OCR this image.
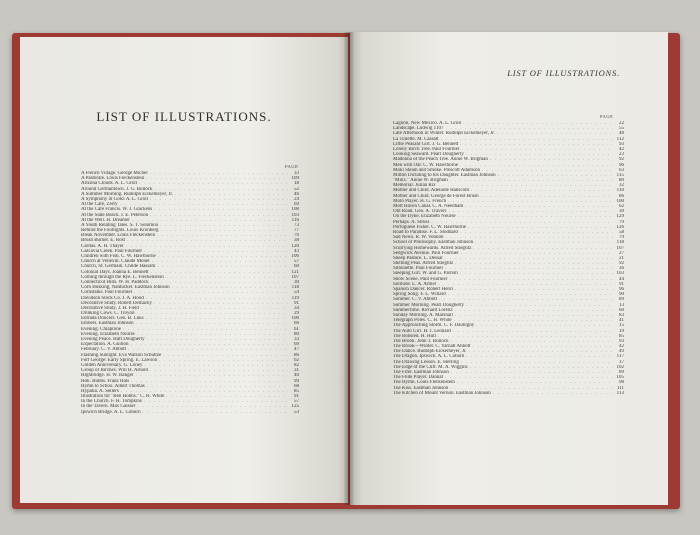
LIST OF ILLUSTRATIONS.
PAGE
A French Village. George Michel . . .	33
A Pastorale. Louis Fleckenstein . . .	109
Arizona Clouds. A. L. Groll . . .	18
Around Germantown. J. G. Bullock . . .	52
A Summer Morning. Rudolph Eickemeyer, Jr. . . .	46
A Symphony in Gold. A. L. Groll . . .	24
At the Café, Zerry . . .	69
At the Café Francis. W. J. Glackens . . .	108
At the Slate Beach. J. E. Peterson . . .	103
At the Well. H. Dreamer . . .	116
A Youth Relating Tales. S. T. Solomon . . .	73
Behind the Footlights. Louis Kronberg . . .	77
Bleak November. Louis Fleckenstein . . .	76
Brush Burner. E. Rost . . .	38
Caritas. A. H. Thayer . . .	120
Cascavia Creek. Paul Fournier . . .	43
Children with Fish. C. W. Hawthorne . . .	106
Church at Vellexill. Claude Monet . . .	57
Church, St. Germain. Childe Hassam . . .	60
Colonial Days. Joanna E. Bennett . . .	121
Coming through the Rye. L. Fleckenstein . . .	107
Connecticut Hills. W. H. Paddock . . .	30
Corn Husking, Nantucket. Eastman Johnson . . .	118
Cornstalks. Paul Fournier . . .	54
Davidson Stock Co. J. A. Hood . . .	119
Decorative Study. Robert Demachy . . .	91
Decorative Study. J. H. Field . . .	34
Drinking Cows. C. Troyon . . .	29
Entrada Doucers. Geo. B. Luks . . .	106
Embers. Eastman Johnson . . .	66
Evening. Chiaprone . . .	61
Evening. Elizabeth Nourse . . .	80
Evening Peace. Hutt Dougherty . . .	33
Expectation. A. Guillon . . .	69
February. C. V. Abbott . . .	47
Flashing Sunlight. Eva Watson Schultze . . .	86
Fort George: Early Spring. E. Lawson . . .	62
Golden Anniversary. G. Loney . . .	82
Group of Birches. Will H. Arnold . . .	31
Highbridge. H. W. Ranger . . .	40
Hok. Bubbs. Franz Hals . . .	99
Hymn to Schoo. Albert Thomas . . .	68
Hypatia. A. Sellers . . .	85
Illustration for "Ben Hobbs." C. H. White . . .	91
In the Church. F. H. Tompkins . . .	57
In the Tavern. Max Gaisser . . .	125
Ipswich Bridge. A. L. Coburn . . .	53
LIST OF ILLUSTRATIONS.
PAGE
Lagoon, New Mexico. A. L. Groll . . .	22
Landscape. Ludwig 1107 . . .	55
Late Afternoon in Winter. Rudolph Eickemeyer, Jr. . . .	48
La Toilette. M. Cassatt . . .	112
Little Peasant Girl. J. G. Bennett . . .	93
Lonely Birch Tree. Paul Fournier . . .	42
Looking Seaward. Pearl Dougherty . . .	23
Madonna of the Peach Tree. Annie W. Brigman . . .	92
Men with Oar. C. W. Hawthorne . . .	96
Moki Steam and Smoke. Prescott Adamson . . .	63
Milton Dictating to his Daughter. Eastman Johnson . . .	115
"Minx." Annie W. Brigman . . .	80
Memorial. Julian Rix . . .	32
Mother and Child. Adelaide Hanscom . . .	110
Mother and Child. George de Forest Brush . . .	86
Moto Player. H. G. French . . .	100
Mott Haven Canal. C. A. Needham . . .	62
Old Road. Geo. A. Travers . . .	39
On the Dyke. Elizabeth Nourse . . .	129
Perhaps. A. Struss . . .	79
Portuguese Fisher. C. W. Hawthorne . . .	126
Road to Paradise. F. L. Stoddard . . .	58
Sad News. R. W. Vonnoh . . .	79
School of Philosophy. Eastman Johnson . . .	118
Scurrying Homewards. Alfred Stieglitz . . .	107
Sedgwick Avenue. Paul Fournier . . .	27
Sheep Pasture. L. Dessar . . .	21
Shelling Peas. Alfred Stieglitz . . .	92
Silhouette. Paul Fournier . . .	36
Sleeping Girl. W. and G. Parrish . . .	103
Snow Scene. Paul Fournier . . .	44
Solitude. L. A. Armer . . .	91
Spanish Dancer. Robert Henri . . .	96
Spring Song. F. L. Willard . . .	90
Summer. C. V. Abbott . . .	89
Summer Morning. Pearl Dougherty . . .	13
Summertime. Richard Lorenz . . .	60
Sunday Morning. A. Marshall . . .	83
Telegraph Poles. C. H. White . . .	41
The Approaching Storm. C. F. Daubigny . . .	15
The Auto Girl. H. J. Leonard . . .	19
The Bobsled. H. Hull . . .	85
The Brook. John T. Bullock . . .	93
The Brook—Winter. C. Yarnall Abbott . . .	42
The Dance. Rudolph Eickemeyer, Jr. . . .	49
The Dragon. Ipswich. A. L. Coburn . . .	117
The Drawing Lesson. E. Sterling . . .	17
The Edge of the Cliff. M. A. Wiggins . . .	102
The Fifer. Eastman Johnson . . .	89
The Flute Player. Dannat . . .	105
The Hymn. Louis Fleckenstein . . .	98
The Kiss. Eastman Johnson . . .	111
The Kitchen of Mount Vernon. Eastman Johnson . . .	113
